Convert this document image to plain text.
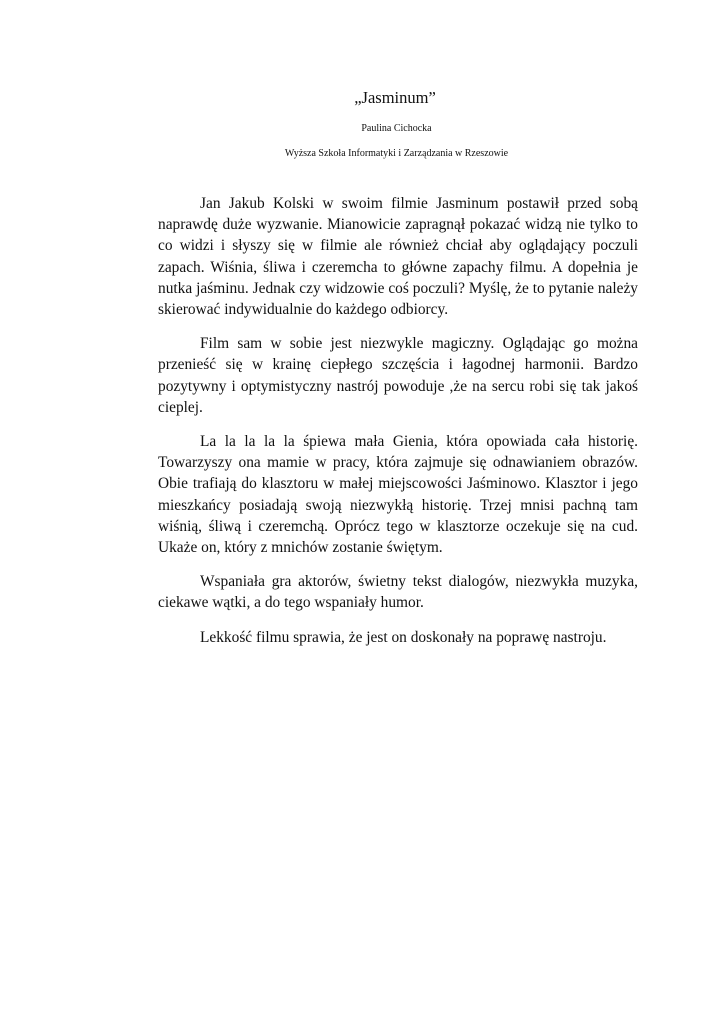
„Jasminum”
Paulina Cichocka
Wyższa Szkoła Informatyki i Zarządzania w Rzeszowie

Jan Jakub Kolski w swoim filmie Jasminum postawił przed sobą naprawdę duże wyzwanie. Mianowicie zapragnął pokazać widzą nie tylko to co widzi i słyszy się w filmie ale również chciał aby oglądający poczuli zapach. Wiśnia, śliwa i czeremcha to główne zapachy filmu. A dopełnia je nutka jaśminu. Jednak czy widzowie coś poczuli? Myślę, że to pytanie należy skierować indywidualnie do każdego odbiorcy.

Film sam w sobie jest niezwykle magiczny. Oglądając go można przenieść się w krainę ciepłego szczęścia i łagodnej harmonii. Bardzo pozytywny i optymistyczny nastrój powoduje ,że na sercu robi się tak jakoś cieplej.

La la la la la śpiewa mała Gienia, która opowiada cała historię. Towarzyszy ona mamie w pracy, która zajmuje się odnawianiem obrazów. Obie trafiają do klasztoru w małej miejscowości Jaśminowo. Klasztor i jego mieszkańcy posiadają swoją niezwykłą historię. Trzej mnisi pachną tam wiśnią, śliwą i czeremchą. Oprócz tego w klasztorze oczekuje się na cud. Ukaże on, który z mnichów zostanie świętym.

Wspaniała gra aktorów, świetny tekst dialogów, niezwykła muzyka, ciekawe wątki, a do tego wspaniały humor.

Lekkość filmu sprawia, że jest on doskonały na poprawę nastroju.
